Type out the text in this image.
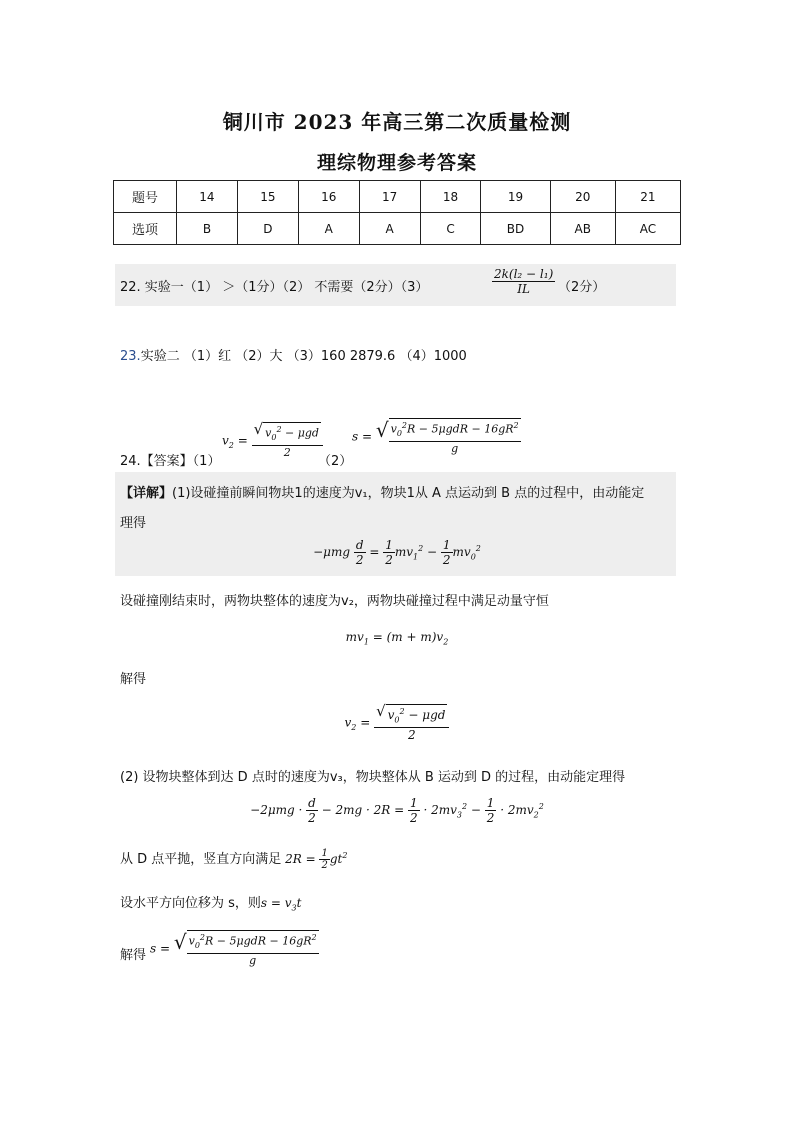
铜川市 2023 年高三第二次质量检测
理综物理参考答案
题号	14	15	16	17	18	19	20	21
选项	B	D	A	A	C	BD	AB	AC
22. 实验一（1） ＞（1分）（2） 不需要（2分）（3）	$\frac{\text{2k(l₂ − l₁)}}{IL} (2$分）
23.实验二 （1）红 （2）大 （3）160 2879.6 （4）1000
24.【答案】（1）
$v_2 = \frac{√ v_0^2 - \mu gd}{2}$
（2）
s = √ $\frac{v_0^2R - 5\mu gdR - 16gR^2}{g}$
【详解】(1)设碰撞前瞬间物块1的速度为v₁，物块1从 A 点运动到 B 点的过程中，由动能定
理得
$-\mu mg \frac{d}{2} = \frac{1}{2} mv_1^2 - \frac{1}{2} mv_0^2$
设碰撞刚结束时，两物块整体的速度为v₂，两物块碰撞过程中满足动量守恒
$mv_1 = (m + m)v_2$
解得
$v_2 = \frac{√ v_0^2 - \mu gd}{2}$
(2) 设物块整体到达 D 点时的速度为v₃，物块整体从 B 运动到 D 的过程，由动能定理得
$-2\mu mg \cdot \frac{d}{2} - 2mg \cdot 2R = \frac{1}{2} \cdot 2mv_3^2 - \frac{1}{2} \cdot 2mv_2^2$
从 D 点平抛，竖直方向满足 $2R = \frac{1}{2} gt^2$
设水平方向位移为 s，则$s = v_3t$
解得 s = √ $\frac{v_0^2R - 5\mu gdR - 16gR^2}{g}$
